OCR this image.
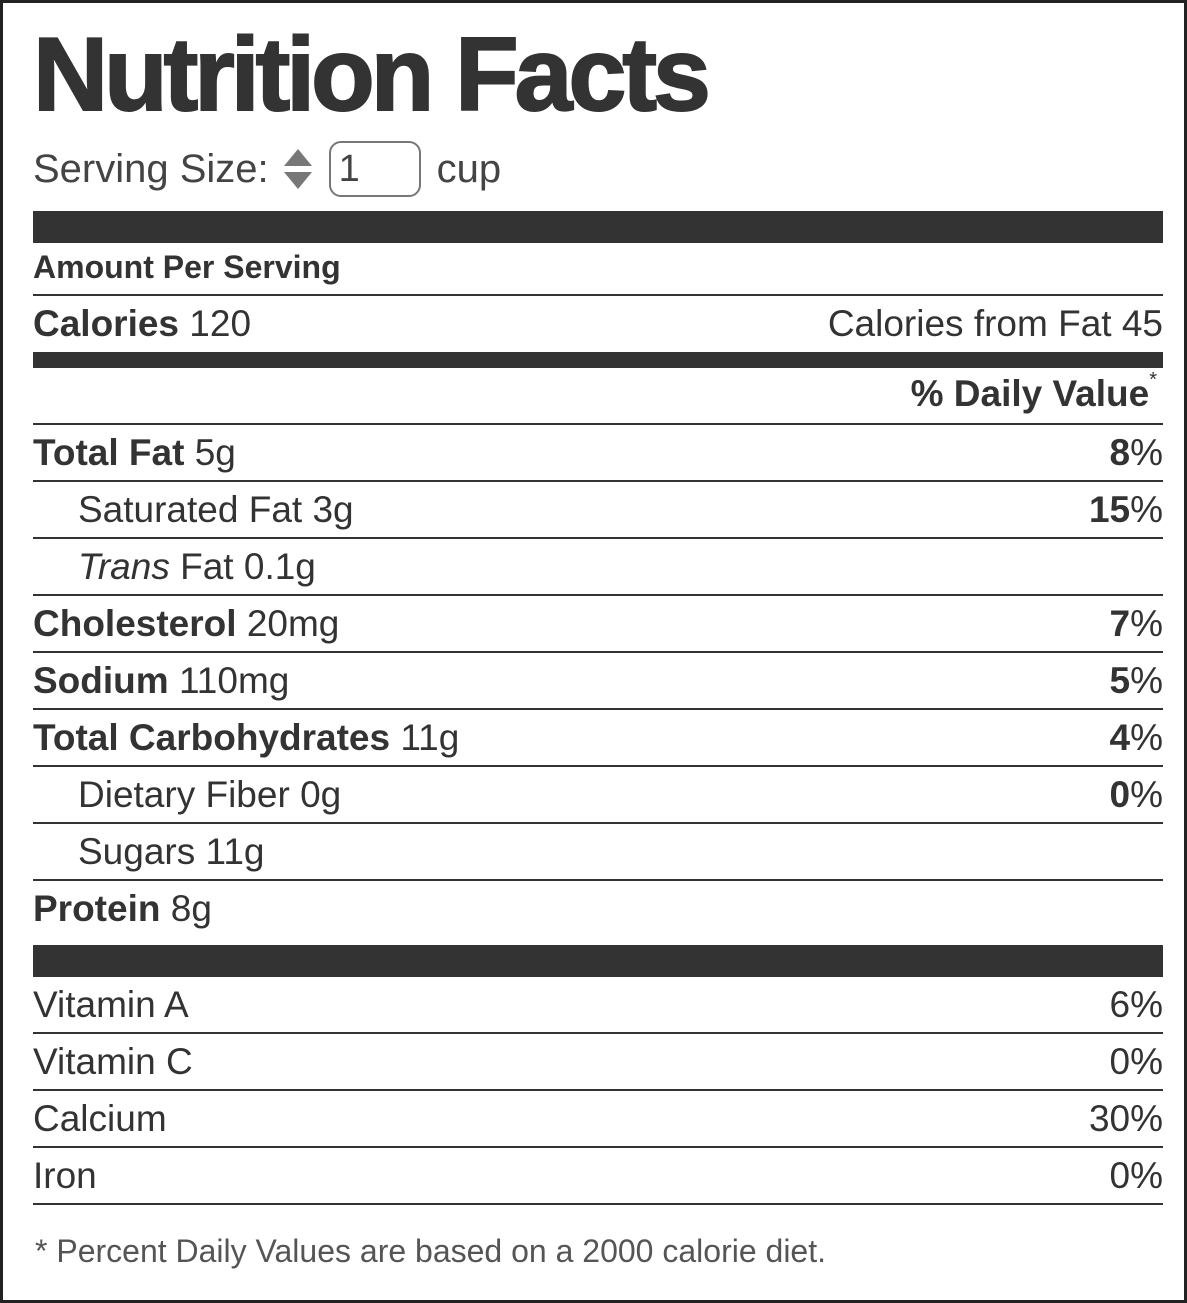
Nutrition Facts
Serving Size:
1	cup
Amount Per Serving
Calories 120	Calories from Fat 45
% Daily Value*
Total Fat 5g	8%
Saturated Fat 3g	15%
Trans Fat 0.1g
Cholesterol 20mg	7%
Sodium 110mg	5%
Total Carbohydrates 11g	4%
Dietary Fiber 0g	0%
Sugars 11g
Protein 8g
Vitamin A	6%
Vitamin C	0%
Calcium	30%
Iron	0%
* Percent Daily Values are based on a 2000 calorie diet.
